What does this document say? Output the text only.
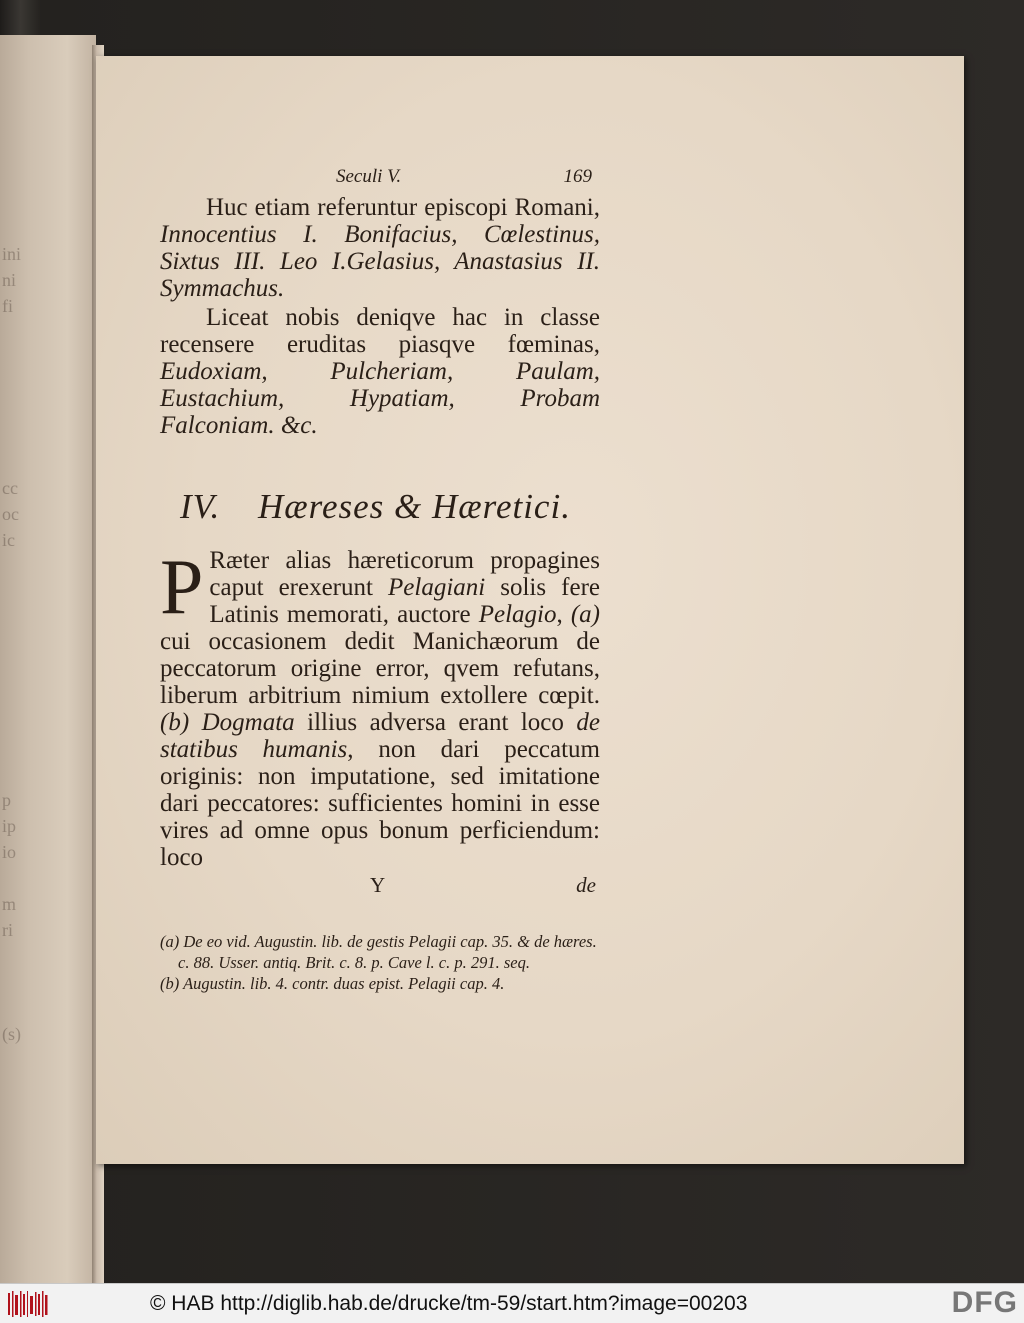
ini
ni
fi
cc
oc
ic
p
ip
io
m
ri
(s)
Seculi V.	169

Huc etiam referuntur episcopi Romani, Innocentius I. Bonifacius, Cœlestinus, Sixtus III. Leo I.Gelasius, Anastasius II. Symmachus.

Liceat nobis deniqve hac in classe recensere eruditas piasqve fœminas, Eudoxiam, Pulcheriam, Paulam, Eustachium, Hypatiam, Probam Falconiam. &c.

IV. Hæreses & Hæretici.

P Ræter alias hæreticorum propagines caput erexerunt Pelagiani solis fere Latinis memorati, auctore Pelagio, (a) cui occasionem dedit Manichæorum de peccatorum origine error, qvem refutans, liberum arbitrium nimium extollere cœpit. (b) Dogmata illius adversa erant loco de statibus humanis, non dari peccatum originis: non imputatione, sed imitatione dari peccatores: sufficientes homini in esse vires ad omne opus bonum perficiendum: loco

Y	de

(a) De eo vid. Augustin. lib. de gestis Pelagii cap. 35. & de hæres. c. 88. Usser. antiq. Brit. c. 8. p. Cave l. c. p. 291. seq.

(b) Augustin. lib. 4. contr. duas epist. Pelagii cap. 4.

© HAB http://diglib.hab.de/drucke/tm-59/start.htm?image=00203	DFG
